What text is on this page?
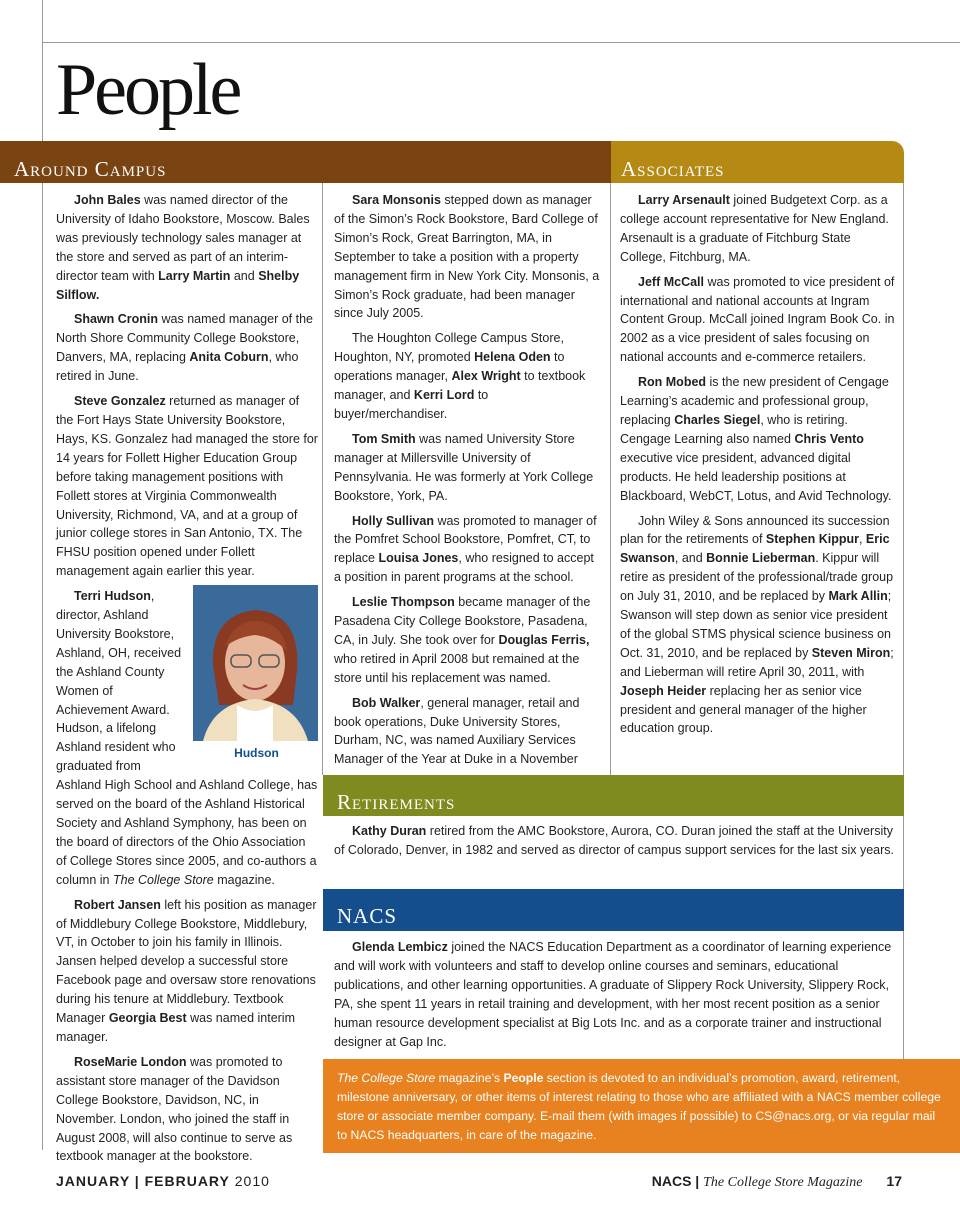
People
Around Campus	Associates

John Bales was named director of the University of Idaho Bookstore, Moscow. Bales was previously technology sales manager at the store and served as part of an interim-director team with Larry Martin and Shelby Silflow.

Shawn Cronin was named manager of the North Shore Community College Bookstore, Danvers, MA, replacing Anita Coburn, who retired in June.

Steve Gonzalez returned as manager of the Fort Hays State University Bookstore, Hays, KS. Gonzalez had managed the store for 14 years for Follett Higher Education Group before taking management positions with Follett stores at Virginia Commonwealth University, Richmond, VA, and at a group of junior college stores in San Antonio, TX. The FHSU position opened under Follett management again earlier this year.

Hudson

Terri Hudson, director, Ashland University Bookstore, Ashland, OH, received the Ashland County Women of Achievement Award. Hudson, a lifelong Ashland resident who graduated from Ashland High School and Ashland College, has served on the board of the Ashland Historical Society and Ashland Symphony, has been on the board of directors of the Ohio Association of College Stores since 2005, and co-authors a column in The College Store magazine.

Robert Jansen left his position as manager of Middlebury College Bookstore, Middlebury, VT, in October to join his family in Illinois. Jansen helped develop a successful store Facebook page and oversaw store renovations during his tenure at Middlebury. Textbook Manager Georgia Best was named interim manager.

RoseMarie London was promoted to assistant store manager of the Davidson College Bookstore, Davidson, NC, in November. London, who joined the staff in August 2008, will also continue to serve as textbook manager at the bookstore.

Sara Monsonis stepped down as manager of the Simon’s Rock Bookstore, Bard College of Simon’s Rock, Great Barrington, MA, in September to take a position with a property management firm in New York City. Monsonis, a Simon’s Rock graduate, had been manager since July 2005.

The Houghton College Campus Store, Houghton, NY, promoted Helena Oden to operations manager, Alex Wright to textbook manager, and Kerri Lord to buyer/merchandiser.

Tom Smith was named University Store manager at Millersville University of Pennsylvania. He was formerly at York College Bookstore, York, PA.

Holly Sullivan was promoted to manager of the Pomfret School Bookstore, Pomfret, CT, to replace Louisa Jones, who resigned to accept a position in parent programs at the school.

Leslie Thompson became manager of the Pasadena City College Bookstore, Pasadena, CA, in July. She took over for Douglas Ferris, who retired in April 2008 but remained at the store until his replacement was named.

Bob Walker, general manager, retail and book operations, Duke University Stores, Durham, NC, was named Auxiliary Services Manager of the Year at Duke in a November

Larry Arsenault joined Budgetext Corp. as a college account representative for New England. Arsenault is a graduate of Fitchburg State College, Fitchburg, MA.

Jeff McCall was promoted to vice president of international and national accounts at Ingram Content Group. McCall joined Ingram Book Co. in 2002 as a vice president of sales focusing on national accounts and e-commerce retailers.

Ron Mobed is the new president of Cengage Learning’s academic and professional group, replacing Charles Siegel, who is retiring. Cengage Learning also named Chris Vento executive vice president, advanced digital products. He held leadership positions at Blackboard, WebCT, Lotus, and Avid Technology.

John Wiley & Sons announced its succession plan for the retirements of Stephen Kippur, Eric Swanson, and Bonnie Lieberman. Kippur will retire as president of the professional/trade group on July 31, 2010, and be replaced by Mark Allin; Swanson will step down as senior vice president of the global STMS physical science business on Oct. 31, 2010, and be replaced by Steven Miron; and Lieberman will retire April 30, 2011, with Joseph Heider replacing her as senior vice president and general manager of the higher education group.

Retirements

Kathy Duran retired from the AMC Bookstore, Aurora, CO. Duran joined the staff at the University of Colorado, Denver, in 1982 and served as director of campus support services for the last six years.

NACS

Glenda Lembicz joined the NACS Education Department as a coordinator of learning experience and will work with volunteers and staff to develop online courses and seminars, educational publications, and other learning opportunities. A graduate of Slippery Rock University, Slippery Rock, PA, she spent 11 years in retail training and development, with her most recent position as a senior human resource development specialist at Big Lots Inc. and as a corporate trainer and instructional designer at Gap Inc.

The College Store magazine’s People section is devoted to an individual’s promotion, award, retirement, milestone anniversary, or other items of interest relating to those who are affiliated with a NACS member college store or associate member company. E-mail them (with images if possible) to CS@nacs.org, or via regular mail to NACS headquarters, in care of the magazine.
JANUARY | FEBRUARY 2010	NACS | The College Store Magazine 17
